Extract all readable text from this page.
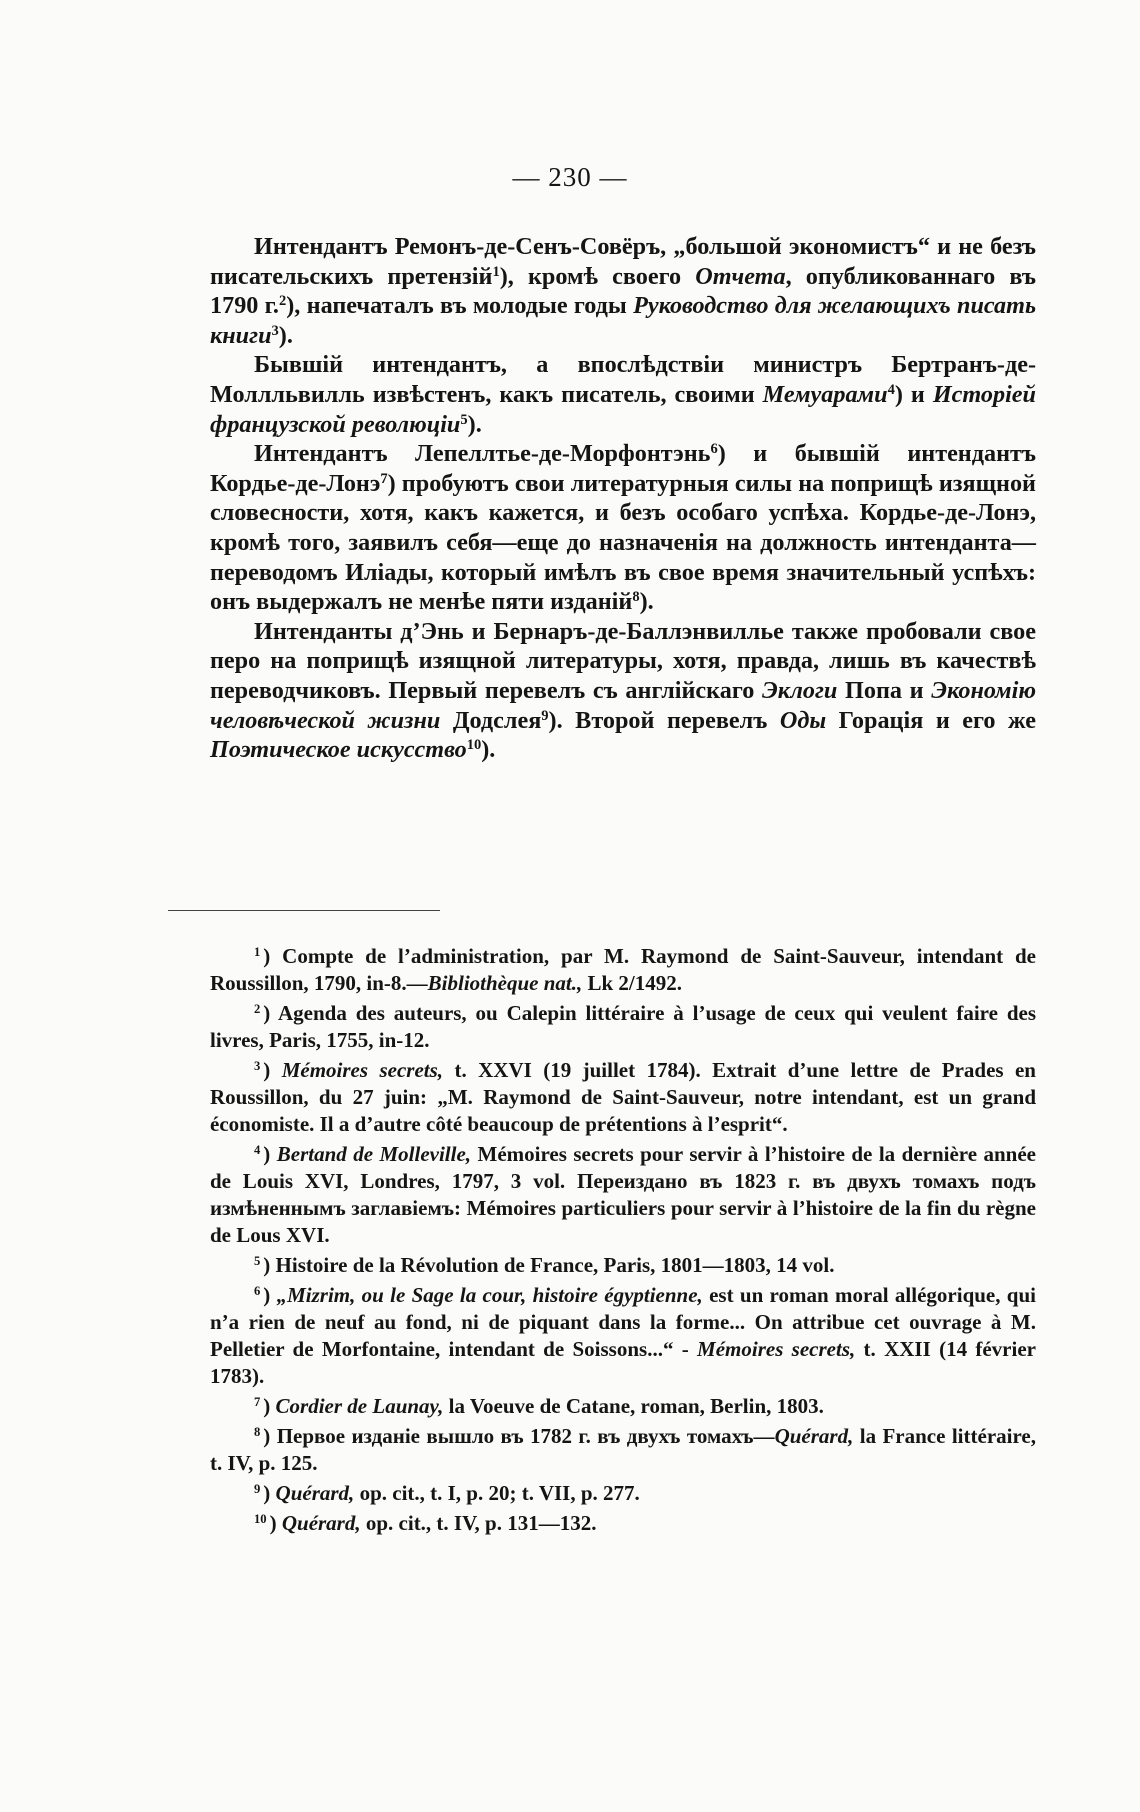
— 230 —

Интендантъ Ремонъ-де-Сенъ-Совёръ, „большой экономистъ“ и не безъ писательскихъ претензій$^1$), кромѣ своего Отчета, опубликованнаго въ 1790 г.$^2$), напечаталъ въ молодые годы Руководство для желающихъ писать книги$^3$).

Бывшій интендантъ, а впослѣдствіи министръ Бертранъ-де-Моллльвилль извѣстенъ, какъ писатель, своими Мемуарами$^4$) и Исторіей французской революціи$^5$).

Интендантъ Лепеллтье-де-Морфонтэнь$^6$) и бывшій интендантъ Кордье-де-Лонэ$^7$) пробуютъ свои литературныя силы на поприщѣ изящной словесности, хотя, какъ кажется, и безъ особаго успѣха. Кордье-де-Лонэ, кромѣ того, заявилъ себя—еще до назначенія на должность интенданта—переводомъ Иліады, который имѣлъ въ свое время значительный успѣхъ: онъ выдержалъ не менѣе пяти изданій$^8$).

Интенданты д’Энь и Бернаръ-де-Баллэнвилльe также пробовали свое перо на поприщѣ изящной литературы, хотя, правда, лишь въ качествѣ переводчиковъ. Первый перевелъ съ англійскаго Эклоги Попа и Экономію человѣческой жизни Додслея$^9$). Второй перевелъ Оды Горація и его же Поэтическое искусство$^{10}$).

$^1$ ) Compte de l’administration, par M. Raymond de Saint-Sauveur, intendant de Roussillon, 1790, in-8.—Bibliothèque nat., Lk 2/1492.

$^2$ ) Agenda des auteurs, ou Calepin littéraire à l’usage de ceux qui veulent faire des livres, Paris, 1755, in-12.

$^3$ ) Mémoires secrets, t. XXVI (19 juillet 1784). Extrait d’une lettre de Prades en Roussillon, du 27 juin: „M. Raymond de Saint-Sauveur, notre intendant, est un grand économiste. Il a d’autre côté beaucoup de prétentions à l’esprit“.

$^4$ ) Bertand de Molleville, Mémoires secrets pour servir à l’histoire de la dernière année de Louis XVI, Londres, 1797, 3 vol. Переиздано въ 1823 г. въ двухъ томахъ подъ измѣненнымъ заглавіемъ: Mémoires particuliers pour servir à l’histoire de la fin du règne de Lous XVI.

$^5$ ) Histoire de la Révolution de France, Paris, 1801—1803, 14 vol.

$^6$ ) „Mizrim, ou le Sage la cour, histoire égyptienne, est un roman moral allégorique, qui n’a rien de neuf au fond, ni de piquant dans la forme... On attribue cet ouvrage à M. Pelletier de Morfontaine, intendant de Soissons...“ - Mémoires secrets, t. XXII (14 février 1783).

$^7$ ) Cordier de Launay, la Voeuve de Catane, roman, Berlin, 1803.

$^8$ ) Первое изданіе вышло въ 1782 г. въ двухъ томахъ—Quérard, la France littéraire, t. IV, p. 125.

$^9$ ) Quérard, op. cit., t. I, p. 20; t. VII, p. 277.

$^{10}$ ) Quérard, op. cit., t. IV, p. 131—132.
